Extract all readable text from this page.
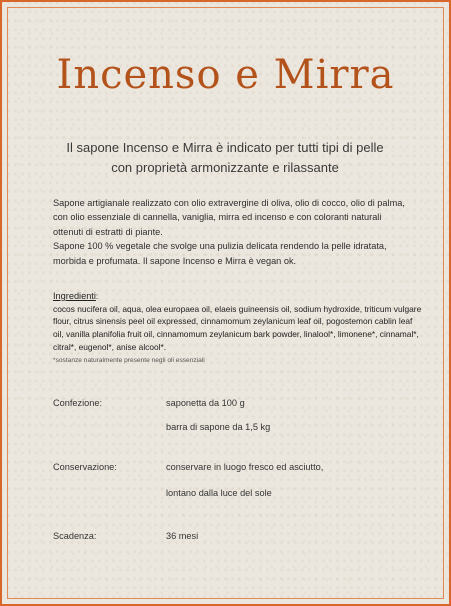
Incenso e Mirra
Il sapone Incenso e Mirra è indicato per tutti tipi di pelle con proprietà armonizzante e rilassante

Sapone artigianale realizzato con olio extravergine di oliva, olio di cocco, olio di palma, con olio essenziale di cannella, vaniglia, mirra ed incenso e con coloranti naturali ottenuti di estratti di piante.

Sapone 100 % vegetale che svolge una pulizia delicata rendendo la pelle idratata, morbida e profumata. Il sapone Incenso e Mirra è vegan ok.

Ingredienti:
cocos nucifera oil, aqua, olea europaea oil, elaeis guineensis oil, sodium hydroxide, triticum vulgare flour, citrus sinensis peel oil expressed, cinnamomum zeylanicum leaf oil, pogostemon cablin leaf oil, vanilla planifolia fruit oil, cinnamomum zeylanicum bark powder, linalool*, limonene*, cinnamal*, citral*, eugenol*, anise alcool*.
*sostanze naturalmente presente negli oli essenziali
Confezione:	saponetta da 100 g
barra di sapone da 1,5 kg
Conservazione:	conservare in luogo fresco ed asciutto,
lontano dalla luce del sole
Scadenza:	36 mesi
